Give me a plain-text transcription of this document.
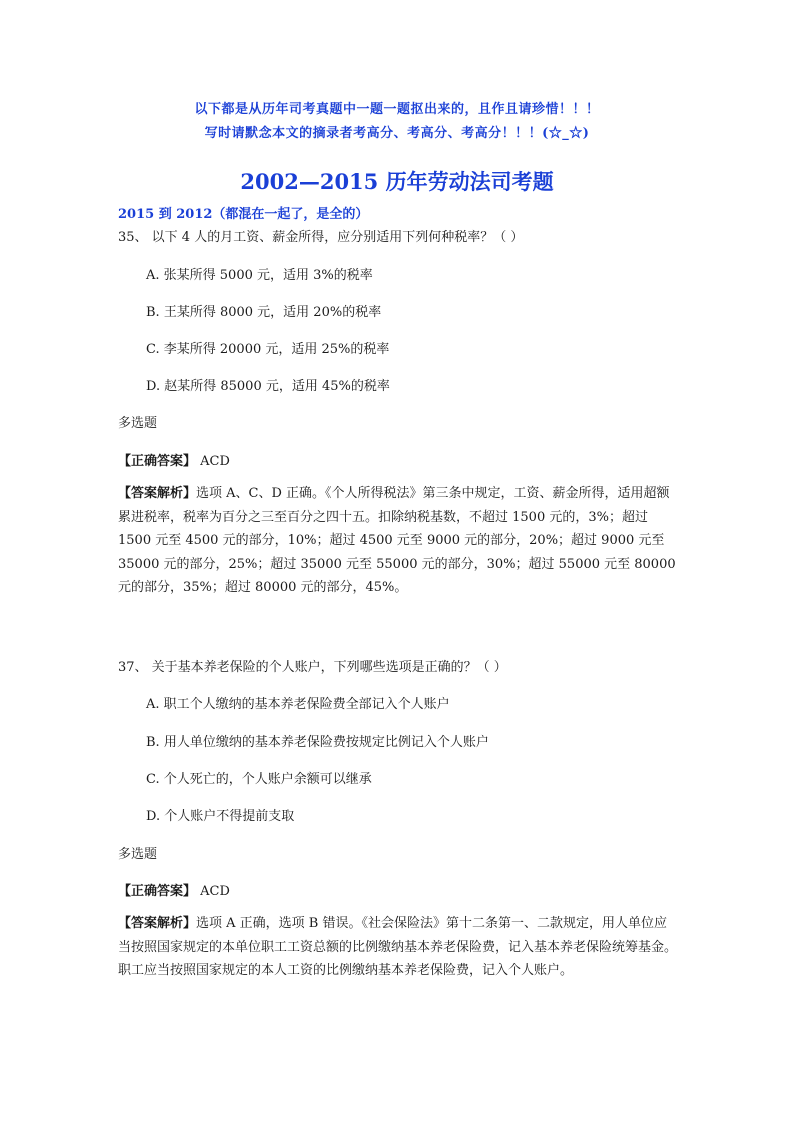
以下都是从历年司考真题中一题一题抠出来的，且作且请珍惜！！！
写时请默念本文的摘录者考高分、考高分、考高分！！！(☆_☆)
2002—2015 历年劳动法司考题
2015 到 2012（都混在一起了，是全的）
35、 以下 4 人的月工资、薪金所得，应分别适用下列何种税率？（ ）
A. 张某所得 5000 元，适用 3%的税率
B. 王某所得 8000 元，适用 20%的税率
C. 李某所得 20000 元，适用 25%的税率
D. 赵某所得 85000 元，适用 45%的税率
多选题
【正确答案】 ACD
【答案解析】选项 A、C、D 正确。《个人所得税法》第三条中规定，工资、薪金所得，适用超额累进税率，税率为百分之三至百分之四十五。扣除纳税基数，不超过 1500 元的，3%；超过 1500 元至 4500 元的部分，10%；超过 4500 元至 9000 元的部分，20%；超过 9000 元至 35000 元的部分，25%；超过 35000 元至 55000 元的部分，30%；超过 55000 元至 80000 元的部分，35%；超过 80000 元的部分，45%。
37、 关于基本养老保险的个人账户，下列哪些选项是正确的？（ ）
A. 职工个人缴纳的基本养老保险费全部记入个人账户
B. 用人单位缴纳的基本养老保险费按规定比例记入个人账户
C. 个人死亡的，个人账户余额可以继承
D. 个人账户不得提前支取
多选题
【正确答案】 ACD
【答案解析】选项 A 正确，选项 B 错误。《社会保险法》第十二条第一、二款规定，用人单位应当按照国家规定的本单位职工工资总额的比例缴纳基本养老保险费，记入基本养老保险统筹基金。职工应当按照国家规定的本人工资的比例缴纳基本养老保险费，记入个人账户。
